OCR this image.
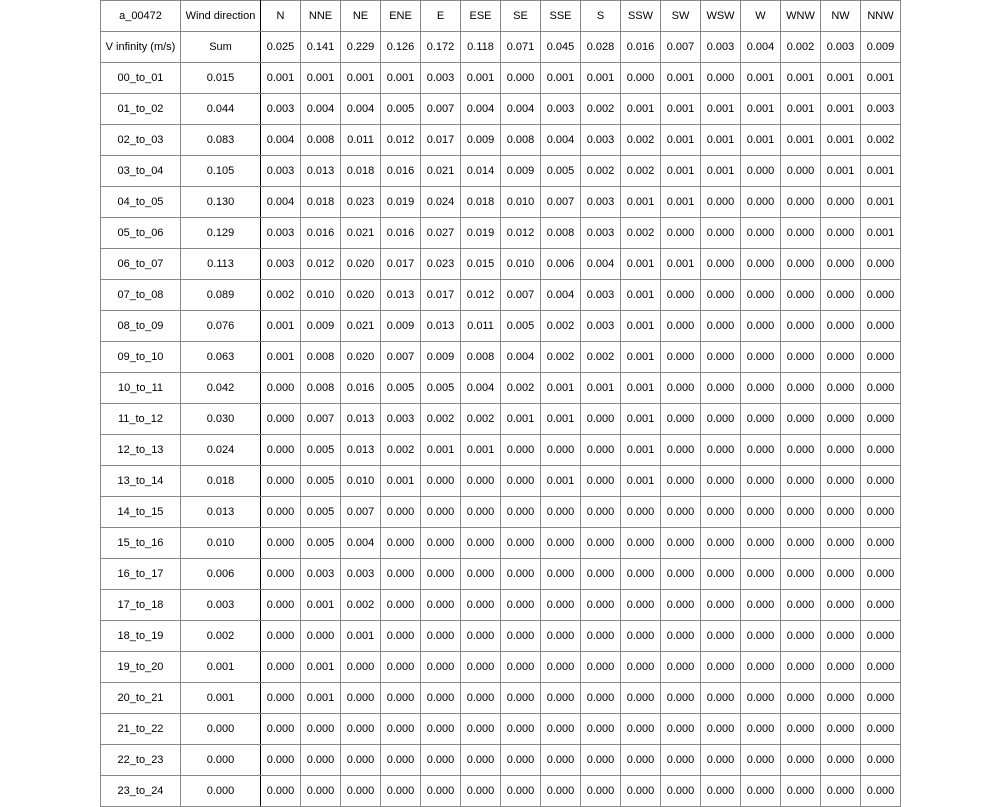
a_00472	Wind direction	N	NNE	NE	ENE	E	ESE	SE	SSE	S	SSW	SW	WSW	W	WNW	NW	NNW
V infinity (m/s)	Sum	0.025	0.141	0.229	0.126	0.172	0.118	0.071	0.045	0.028	0.016	0.007	0.003	0.004	0.002	0.003	0.009
00_to_01	0.015	0.001	0.001	0.001	0.001	0.003	0.001	0.000	0.001	0.001	0.000	0.001	0.000	0.001	0.001	0.001	0.001
01_to_02	0.044	0.003	0.004	0.004	0.005	0.007	0.004	0.004	0.003	0.002	0.001	0.001	0.001	0.001	0.001	0.001	0.003
02_to_03	0.083	0.004	0.008	0.011	0.012	0.017	0.009	0.008	0.004	0.003	0.002	0.001	0.001	0.001	0.001	0.001	0.002
03_to_04	0.105	0.003	0.013	0.018	0.016	0.021	0.014	0.009	0.005	0.002	0.002	0.001	0.001	0.000	0.000	0.001	0.001
04_to_05	0.130	0.004	0.018	0.023	0.019	0.024	0.018	0.010	0.007	0.003	0.001	0.001	0.000	0.000	0.000	0.000	0.001
05_to_06	0.129	0.003	0.016	0.021	0.016	0.027	0.019	0.012	0.008	0.003	0.002	0.000	0.000	0.000	0.000	0.000	0.001
06_to_07	0.113	0.003	0.012	0.020	0.017	0.023	0.015	0.010	0.006	0.004	0.001	0.001	0.000	0.000	0.000	0.000	0.000
07_to_08	0.089	0.002	0.010	0.020	0.013	0.017	0.012	0.007	0.004	0.003	0.001	0.000	0.000	0.000	0.000	0.000	0.000
08_to_09	0.076	0.001	0.009	0.021	0.009	0.013	0.011	0.005	0.002	0.003	0.001	0.000	0.000	0.000	0.000	0.000	0.000
09_to_10	0.063	0.001	0.008	0.020	0.007	0.009	0.008	0.004	0.002	0.002	0.001	0.000	0.000	0.000	0.000	0.000	0.000
10_to_11	0.042	0.000	0.008	0.016	0.005	0.005	0.004	0.002	0.001	0.001	0.001	0.000	0.000	0.000	0.000	0.000	0.000
11_to_12	0.030	0.000	0.007	0.013	0.003	0.002	0.002	0.001	0.001	0.000	0.001	0.000	0.000	0.000	0.000	0.000	0.000
12_to_13	0.024	0.000	0.005	0.013	0.002	0.001	0.001	0.000	0.000	0.000	0.001	0.000	0.000	0.000	0.000	0.000	0.000
13_to_14	0.018	0.000	0.005	0.010	0.001	0.000	0.000	0.000	0.001	0.000	0.001	0.000	0.000	0.000	0.000	0.000	0.000
14_to_15	0.013	0.000	0.005	0.007	0.000	0.000	0.000	0.000	0.000	0.000	0.000	0.000	0.000	0.000	0.000	0.000	0.000
15_to_16	0.010	0.000	0.005	0.004	0.000	0.000	0.000	0.000	0.000	0.000	0.000	0.000	0.000	0.000	0.000	0.000	0.000
16_to_17	0.006	0.000	0.003	0.003	0.000	0.000	0.000	0.000	0.000	0.000	0.000	0.000	0.000	0.000	0.000	0.000	0.000
17_to_18	0.003	0.000	0.001	0.002	0.000	0.000	0.000	0.000	0.000	0.000	0.000	0.000	0.000	0.000	0.000	0.000	0.000
18_to_19	0.002	0.000	0.000	0.001	0.000	0.000	0.000	0.000	0.000	0.000	0.000	0.000	0.000	0.000	0.000	0.000	0.000
19_to_20	0.001	0.000	0.001	0.000	0.000	0.000	0.000	0.000	0.000	0.000	0.000	0.000	0.000	0.000	0.000	0.000	0.000
20_to_21	0.001	0.000	0.001	0.000	0.000	0.000	0.000	0.000	0.000	0.000	0.000	0.000	0.000	0.000	0.000	0.000	0.000
21_to_22	0.000	0.000	0.000	0.000	0.000	0.000	0.000	0.000	0.000	0.000	0.000	0.000	0.000	0.000	0.000	0.000	0.000
22_to_23	0.000	0.000	0.000	0.000	0.000	0.000	0.000	0.000	0.000	0.000	0.000	0.000	0.000	0.000	0.000	0.000	0.000
23_to_24	0.000	0.000	0.000	0.000	0.000	0.000	0.000	0.000	0.000	0.000	0.000	0.000	0.000	0.000	0.000	0.000	0.000
